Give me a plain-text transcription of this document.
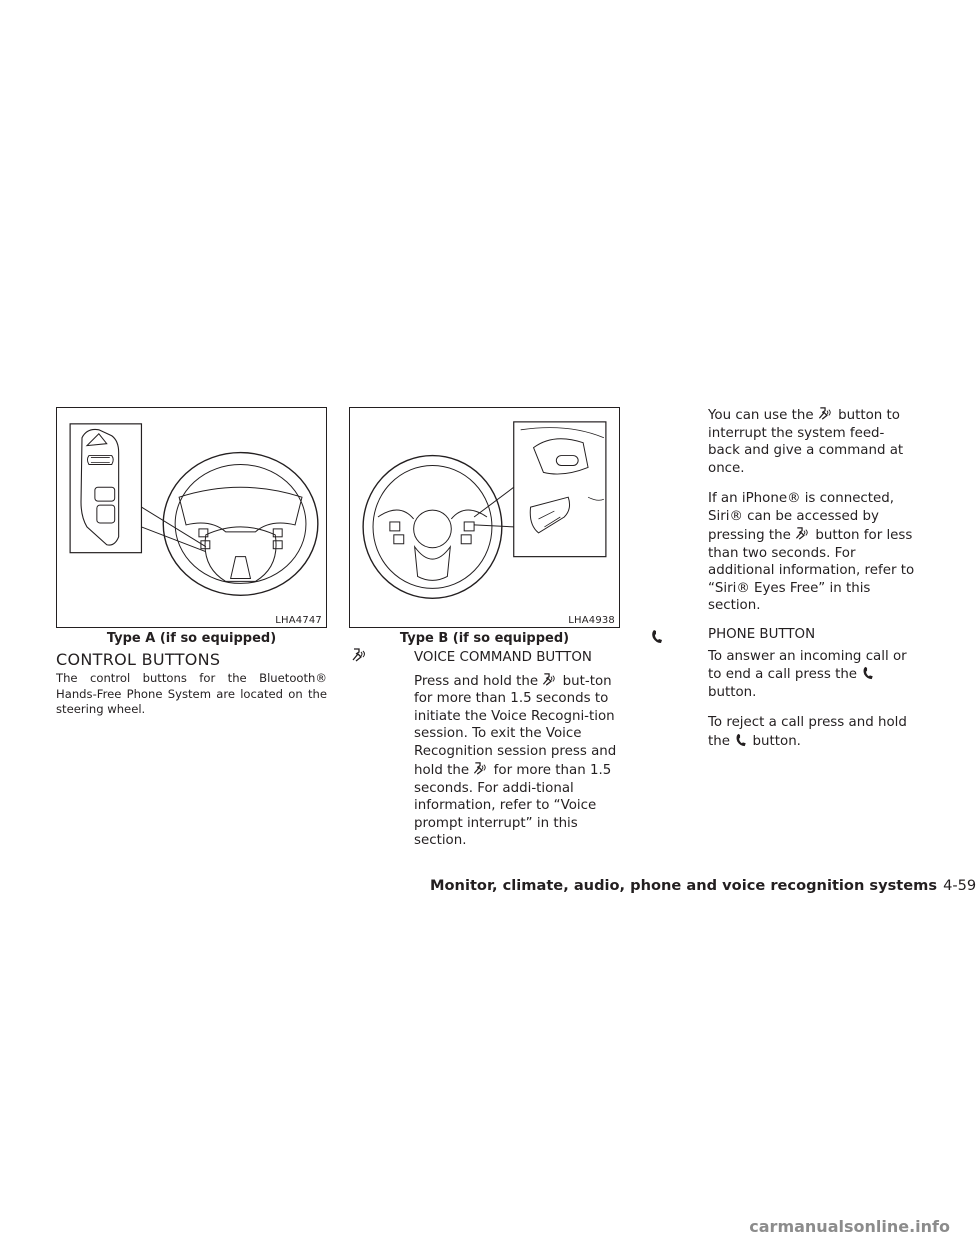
LHA4747
Type A (if so equipped)
LHA4938
Type B (if so equipped)
CONTROL BUTTONS
The control buttons for the Bluetooth® Hands-Free Phone System are located on the steering wheel.

VOICE COMMAND BUTTON

Press and hold the but-ton for more than 1.5 seconds to initiate the Voice Recogni-tion session. To exit the Voice Recognition session press and hold the for more than 1.5 seconds. For addi-tional information, refer to “Voice prompt interrupt” in this section.

You can use the button to interrupt the system feed-back and give a command at once.

If an iPhone® is connected, Siri® can be accessed by pressing the button for less than two seconds. For additional information, refer to “Siri® Eyes Free” in this section.

PHONE BUTTON

To answer an incoming call or to end a call press the  button.

To reject a call press and hold the button.

Monitor, climate, audio, phone and voice recognition systems 4-59
carmanualsonline.info
